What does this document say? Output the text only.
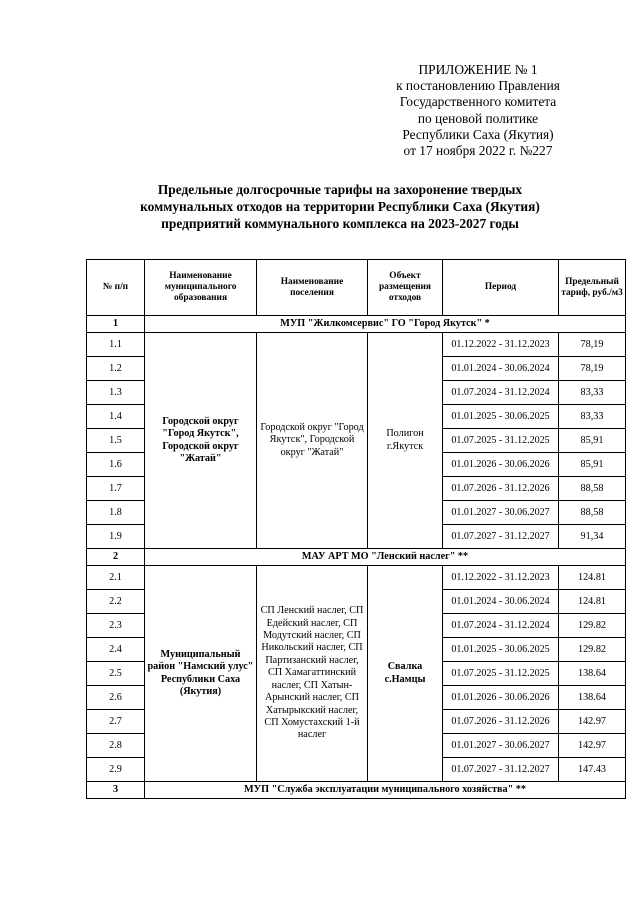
ПРИЛОЖЕНИЕ № 1
к постановлению Правления
Государственного комитета
по ценовой политике
Республики Саха (Якутия)
от 17 ноября 2022 г. №227
Предельные долгосрочные тарифы на захоронение твердых
коммунальных отходов на территории Республики Саха (Якутия)
предприятий коммунального комплекса на 2023-2027 годы
№ п/п	Наименование муниципального образования	Наименование поселения	Объект размещения отходов	Период	Предельный тариф, руб./м3
1	МУП "Жилкомсервис" ГО "Город Якутск" *				
1.1	Городской округ "Город Якутск", Городской округ "Жатай"	Городской округ "Город Якутск", Городской округ "Жатай"	Полигон г.Якутск	01.12.2022 - 31.12.2023	78,19
1.2				01.01.2024 - 30.06.2024	78,19
1.3				01.07.2024 - 31.12.2024	83,33
1.4				01.01.2025 - 30.06.2025	83,33
1.5				01.07.2025 - 31.12.2025	85,91
1.6				01.01.2026 - 30.06.2026	85,91
1.7				01.07.2026 - 31.12.2026	88,58
1.8				01.01.2027 - 30.06.2027	88,58
1.9				01.07.2027 - 31.12.2027	91,34
2	МАУ АРТ МО "Ленский наслег" **				
2.1	Муниципальный район "Намский улус" Республики Саха (Якутия)	СП Ленский наслег, СП Едейский наслег, СП Модутский наслег, СП Никольский наслег, СП Партизанский наслег, СП Хамагаттинский наслег, СП Хатын-Арынский наслег, СП Хатырыкский наслег, СП Хомустахский 1-й наслег	Свалка с.Намцы	01.12.2022 - 31.12.2023	124.81
2.2				01.01.2024 - 30.06.2024	124.81
2.3				01.07.2024 - 31.12.2024	129.82
2.4				01.01.2025 - 30.06.2025	129.82
2.5				01.07.2025 - 31.12.2025	138.64
2.6				01.01.2026 - 30.06.2026	138.64
2.7				01.07.2026 - 31.12.2026	142.97
2.8				01.01.2027 - 30.06.2027	142.97
2.9				01.07.2027 - 31.12.2027	147.43
3	МУП "Служба эксплуатации муниципального хозяйства" **				
